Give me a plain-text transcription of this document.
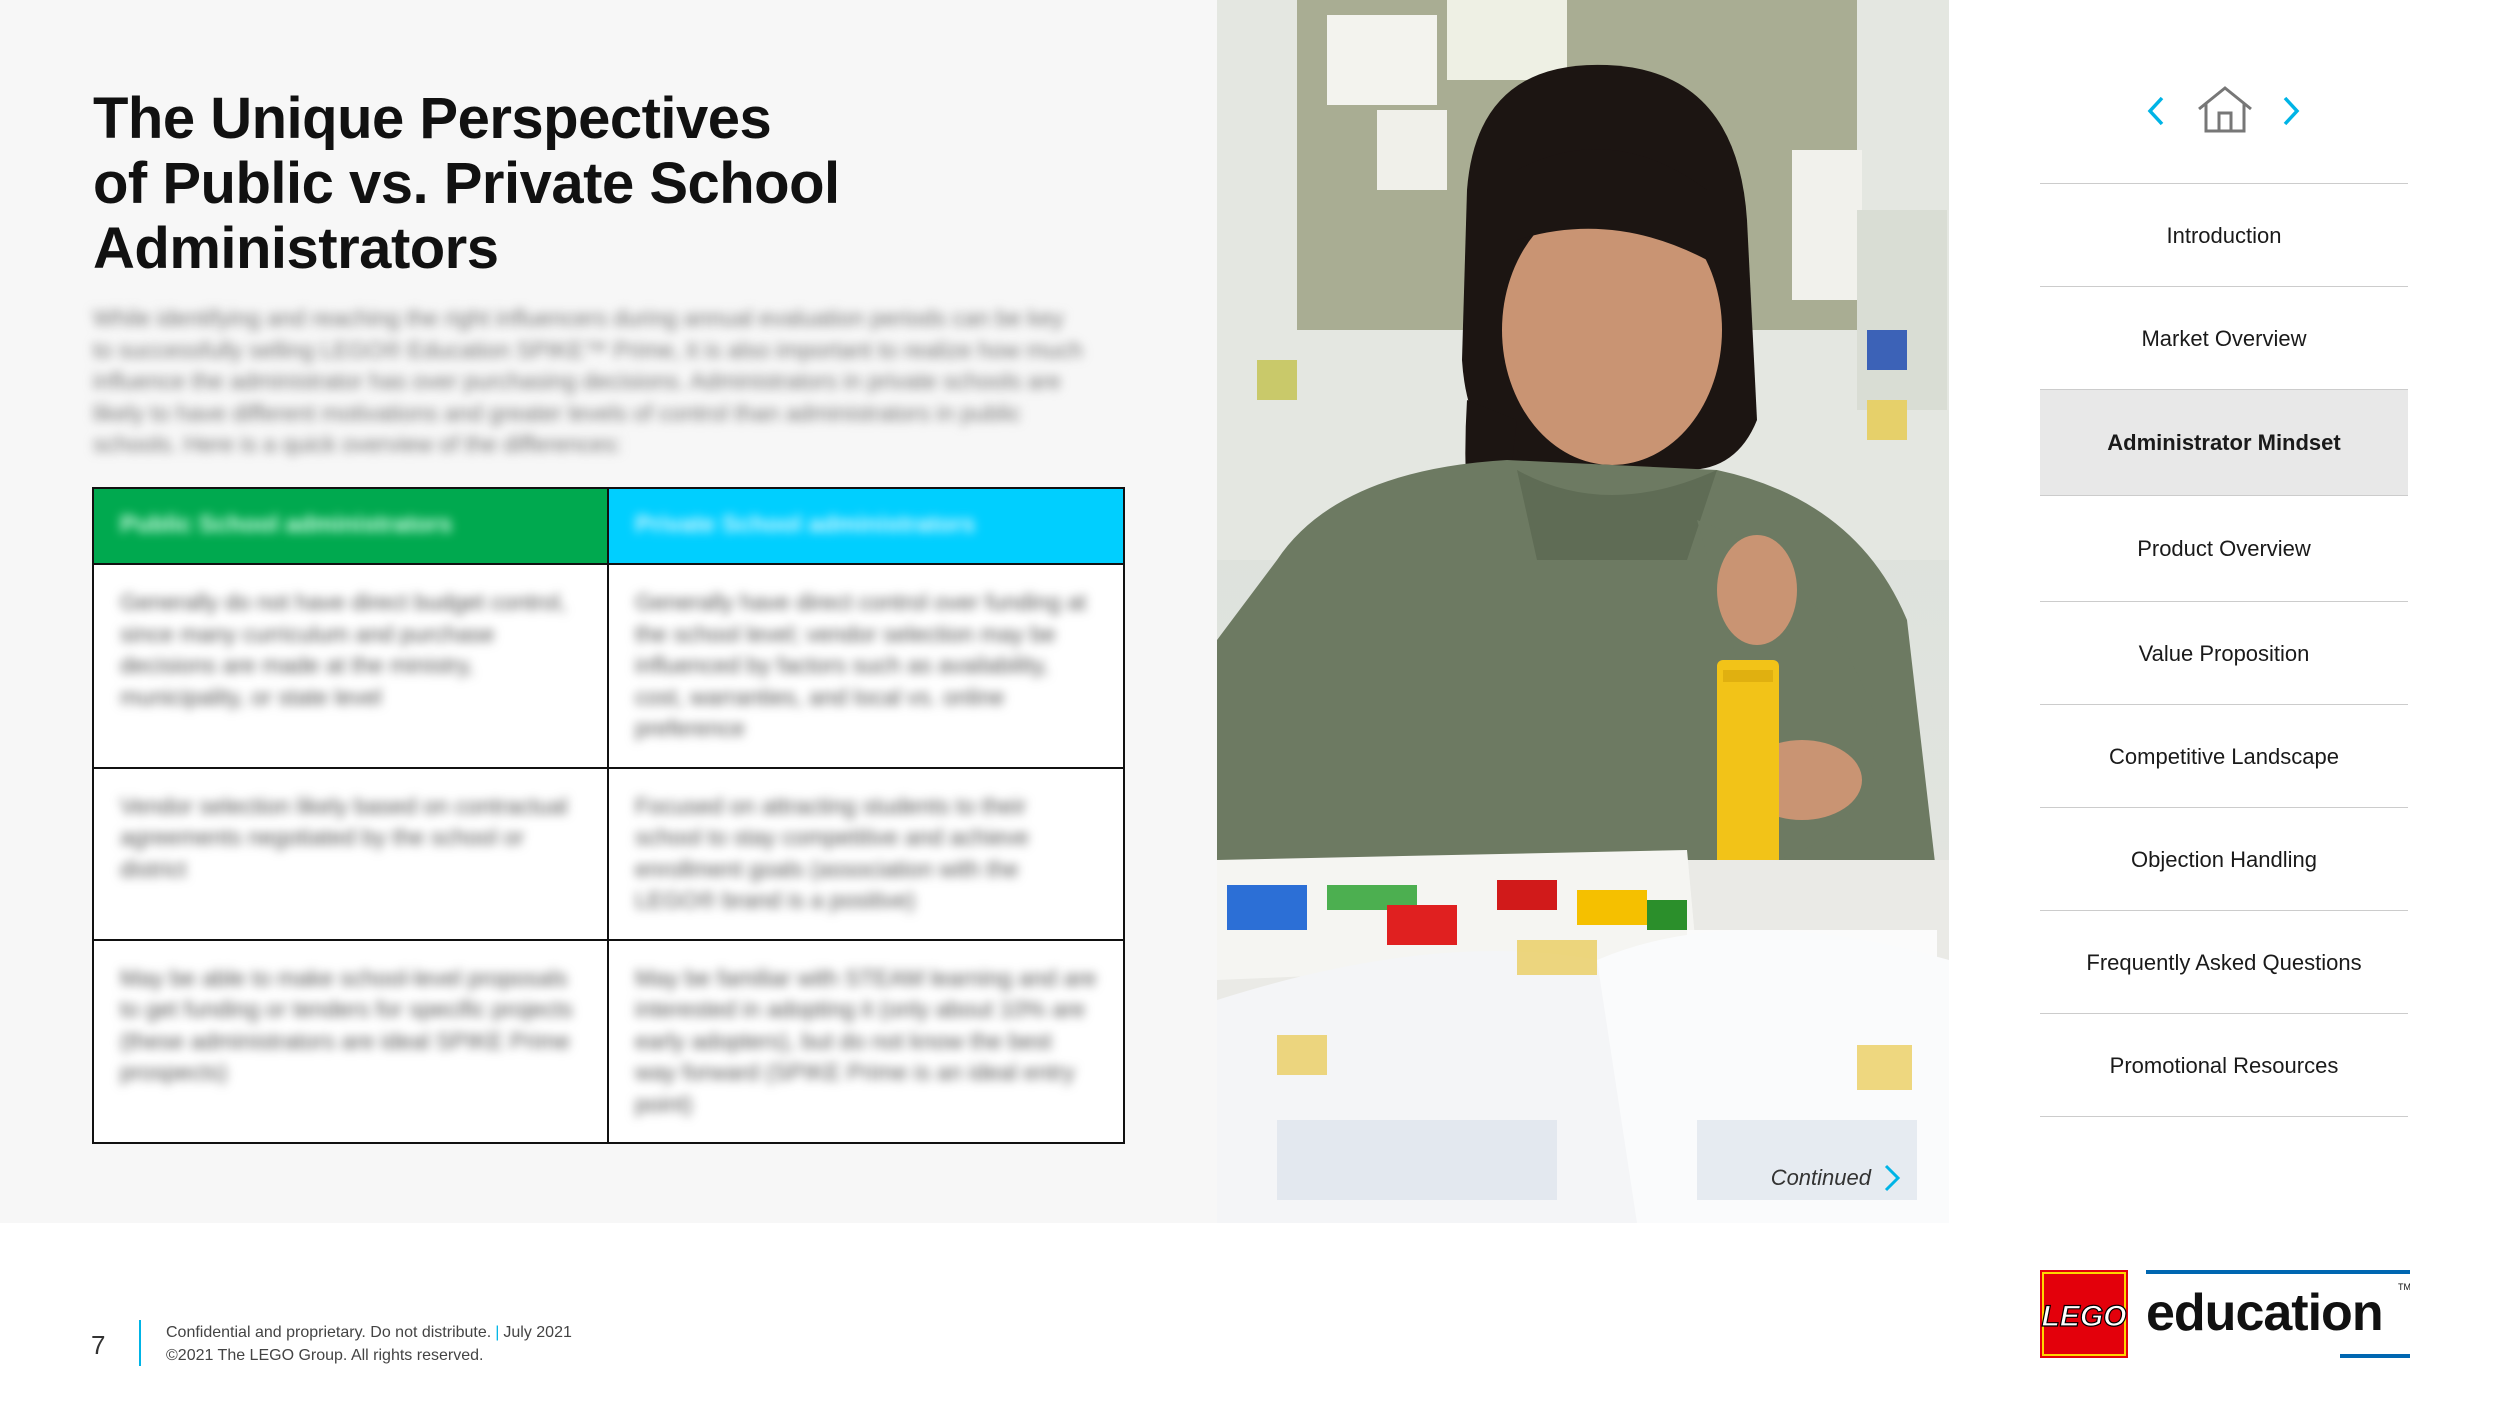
The Unique Perspectives
of Public vs. Private School
Administrators

While identifying and reaching the right influencers during annual evaluation periods can be key to successfully selling LEGO® Education SPIKE™ Prime, it is also important to realize how much influence the administrator has over purchasing decisions. Administrators in private schools are likely to have different motivations and greater levels of control than administrators in public schools. Here is a quick overview of the differences:

Public School administrators	Private School administrators

Generally do not have direct budget control, since many curriculum and purchase decisions are made at the ministry, municipality, or state level	Generally have direct control over funding at the school level; vendor selection may be influenced by factors such as availability, cost, warranties, and local vs. online preference

Vendor selection likely based on contractual agreements negotiated by the school or district	Focused on attracting students to their school to stay competitive and achieve enrollment goals (association with the LEGO® brand is a positive)

May be able to make school-level proposals to get funding or tenders for specific projects (these administrators are ideal SPIKE Prime prospects)	May be familiar with STEAM learning and are interested in adopting it (only about 10% are early adopters), but do not know the best way forward (SPIKE Prime is an ideal entry point)
Continued
Introduction
Market Overview
Administrator Mindset
Product Overview
Value Proposition
Competitive Landscape
Objection Handling
Frequently Asked Questions
Promotional Resources
7	Confidential and proprietary. Do not distribute. | July 2021
©2021 The LEGO Group. All rights reserved.
LEGO education TM
